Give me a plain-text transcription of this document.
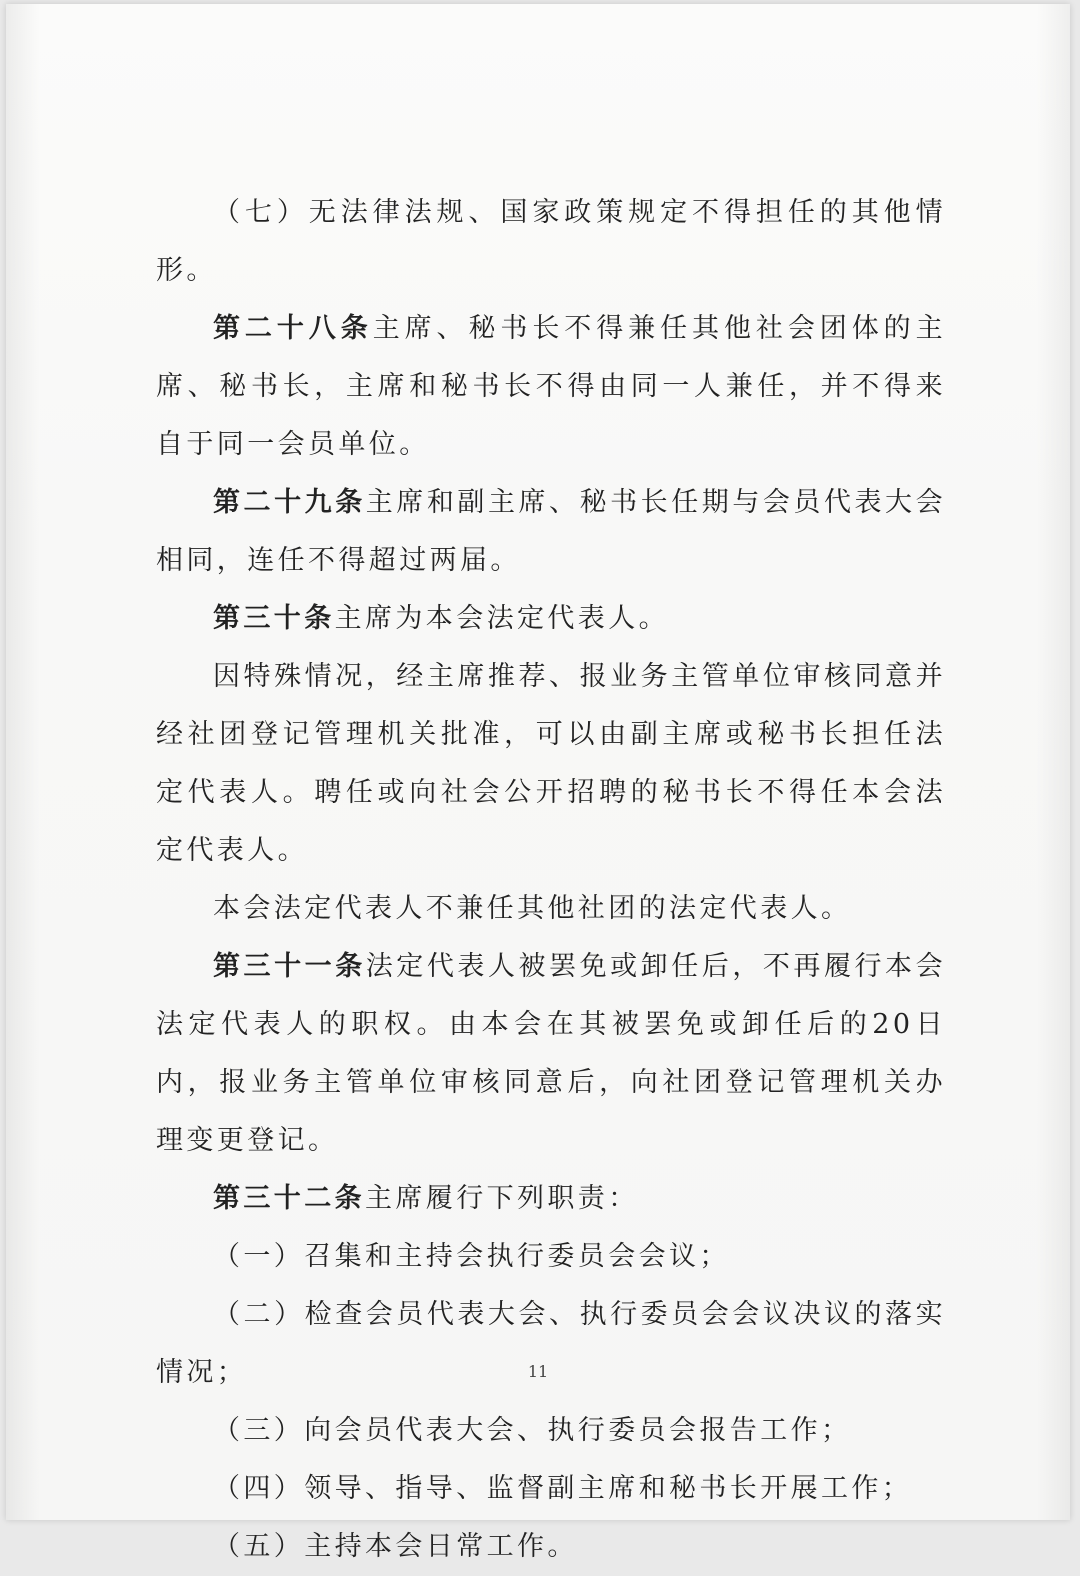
（七）无法律法规、国家政策规定不得担任的其他情形。

第二十八条主席、秘书长不得兼任其他社会团体的主席、秘书长，主席和秘书长不得由同一人兼任，并不得来自于同一会员单位。

第二十九条主席和副主席、秘书长任期与会员代表大会相同，连任不得超过两届。

第三十条主席为本会法定代表人。

因特殊情况，经主席推荐、报业务主管单位审核同意并经社团登记管理机关批准，可以由副主席或秘书长担任法定代表人。聘任或向社会公开招聘的秘书长不得任本会法定代表人。

本会法定代表人不兼任其他社团的法定代表人。

第三十一条法定代表人被罢免或卸任后，不再履行本会法定代表人的职权。由本会在其被罢免或卸任后的20日内，报业务主管单位审核同意后，向社团登记管理机关办理变更登记。

第三十二条主席履行下列职责：

（一）召集和主持会执行委员会会议；

（二）检查会员代表大会、执行委员会会议决议的落实情况；

（三）向会员代表大会、执行委员会报告工作；

（四）领导、指导、监督副主席和秘书长开展工作；

（五）主持本会日常工作。

11
